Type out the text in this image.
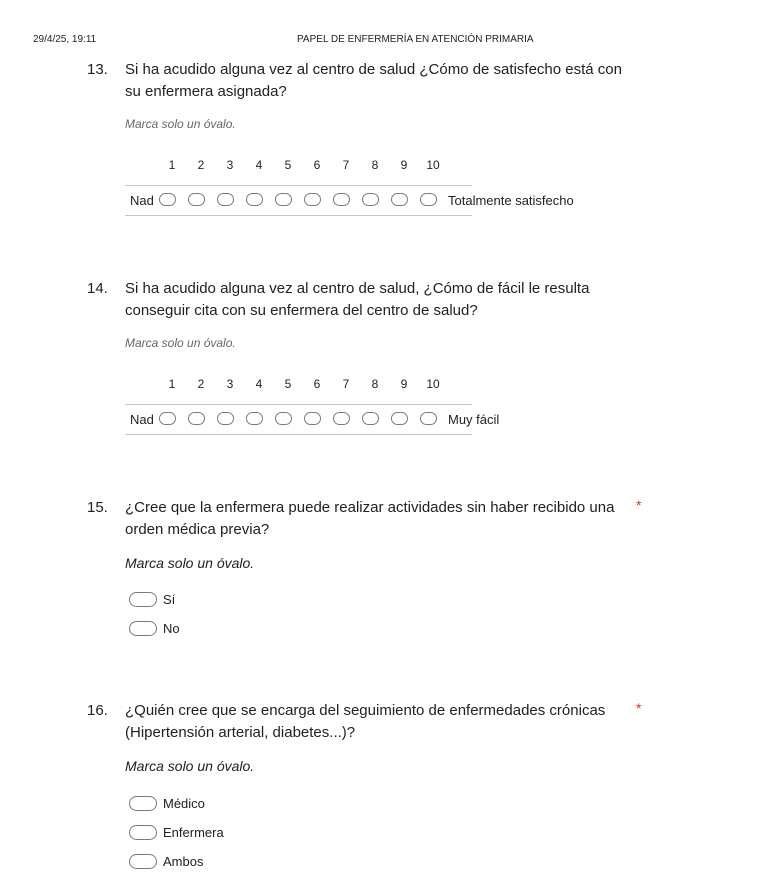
29/4/25, 19:11	PAPEL DE ENFERMERÍA EN ATENCIÓN PRIMARIA
13. Si ha acudido alguna vez al centro de salud ¿Cómo de satisfecho está con su enfermera asignada?
Marca solo un óvalo.
1	2	3	4	5	6	7	8	9	10
Nad	Totalmente satisfecho
14. Si ha acudido alguna vez al centro de salud, ¿Cómo de fácil le resulta conseguir cita con su enfermera del centro de salud?
Marca solo un óvalo.
1	2	3	4	5	6	7	8	9	10
Nad	Muy fácil
15. ¿Cree que la enfermera puede realizar actividades sin haber recibido una orden médica previa?
*
Marca solo un óvalo.
Sí
No
16. ¿Quién cree que se encarga del seguimiento de enfermedades crónicas (Hipertensión arterial, diabetes...)?
*
Marca solo un óvalo.
Médico
Enfermera
Ambos
